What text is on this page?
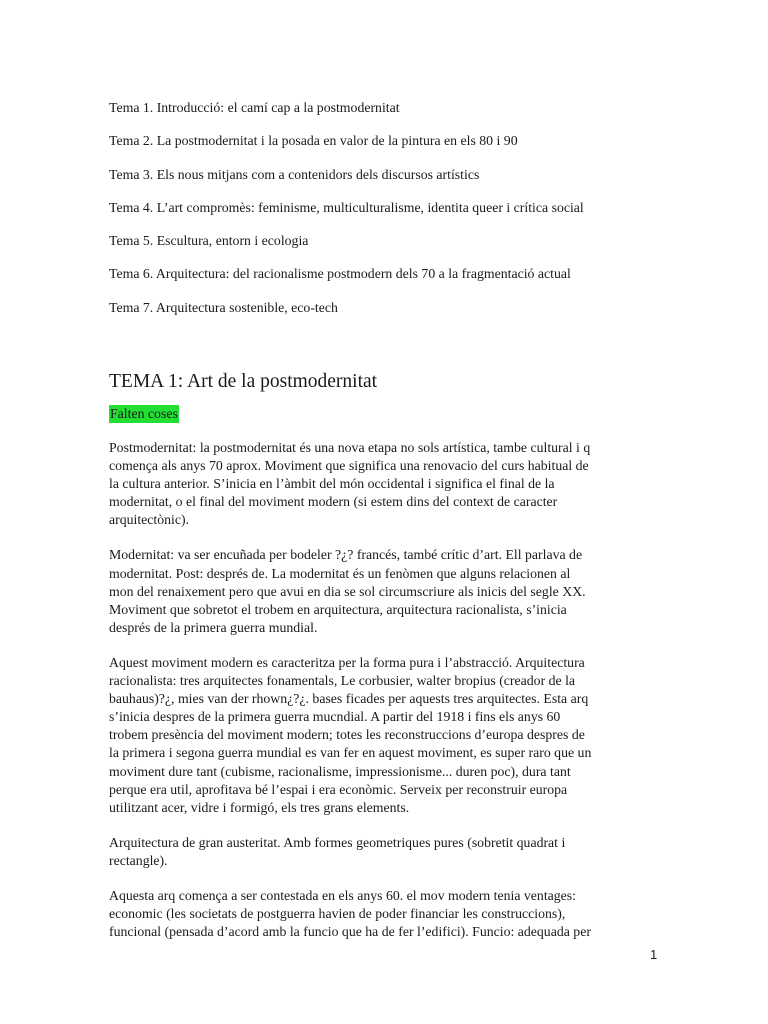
Tema 1. Introducció: el camí cap a la postmodernitat
Tema 2. La postmodernitat i la posada en valor de la pintura en els 80 i 90
Tema 3. Els nous mitjans com a contenidors dels discursos artístics
Tema 4. L’art compromès: feminisme, multiculturalisme, identita queer i crítica social
Tema 5. Escultura, entorn i ecologia
Tema 6. Arquitectura: del racionalisme postmodern dels 70 a la fragmentació actual
Tema 7. Arquitectura sostenible, eco-tech
TEMA 1: Art de la postmodernitat
Falten coses

Postmodernitat: la postmodernitat és una nova etapa no sols artística, tambe cultural i q
comença als anys 70 aprox. Moviment que significa una renovacio del curs habitual de
la cultura anterior. S’inicia en l’àmbit del món occidental i significa el final de la
modernitat, o el final del moviment modern (si estem dins del context de caracter
arquitectònic).

Modernitat: va ser encuñada per bodeler ?¿? francés, també crític d’art. Ell parlava de
modernitat. Post: després de. La modernitat és un fenòmen que alguns relacionen al
mon del renaixement pero que avui en dia se sol circumscriure als inicis del segle XX.
Moviment que sobretot el trobem en arquitectura, arquitectura racionalista, s’inicia
després de la primera guerra mundial.

Aquest moviment modern es caracteritza per la forma pura i l’abstracció. Arquitectura
racionalista: tres arquitectes fonamentals, Le corbusier, walter bropius (creador de la
bauhaus)?¿, mies van der rhown¿?¿. bases ficades per aquests tres arquitectes. Esta arq
s’inicia despres de la primera guerra mucndial. A partir del 1918 i fins els anys 60
trobem presència del moviment modern; totes les reconstruccions d’europa despres de
la primera i segona guerra mundial es van fer en aquest moviment, es super raro que un
moviment dure tant (cubisme, racionalisme, impressionisme... duren poc), dura tant
perque era util, aprofitava bé l’espai i era econòmic. Serveix per reconstruir europa
utilitzant acer, vidre i formigó, els tres grans elements.

Arquitectura de gran austeritat. Amb formes geometriques pures (sobretit quadrat i
rectangle).

Aquesta arq comença a ser contestada en els anys 60. el mov modern tenia ventages:
economic (les societats de postguerra havien de poder financiar les construccions),
funcional (pensada d’acord amb la funcio que ha de fer l’edifici). Funcio: adequada per

1
